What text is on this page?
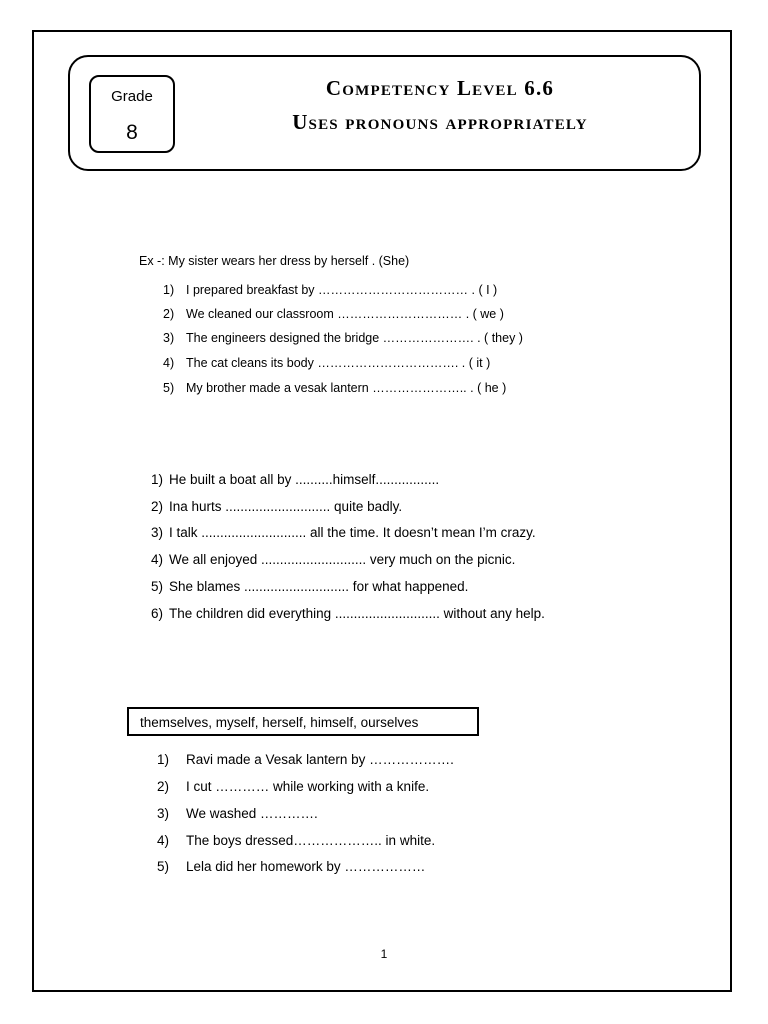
Grade
8
Competency Level 6.6
Uses pronouns appropriately
Ex -: My sister wears her dress by herself . (She)
1) I prepared breakfast by ……………………………… . ( I )
2) We cleaned our classroom ………………………… . ( we )
3) The engineers designed the bridge …………………. . ( they )
4) The cat cleans its body ……………………………. . ( it )
5) My brother made a vesak lantern ………………….. . ( he )
1) He built a boat all by ..........himself.................
2) Ina hurts ............................ quite badly.
3) I talk ............................ all the time. It doesn’t mean I’m crazy.
4) We all enjoyed ............................ very much on the picnic.
5) She blames ............................ for what happened.
6) The children did everything ............................ without any help.
themselves, myself, herself, himself, ourselves
1) Ravi made a Vesak lantern by ……………….
2) I cut ………… while working with a knife.
3) We washed ………….
4) The boys dressed……………….. in white.
5) Lela did her homework by ………………
1
